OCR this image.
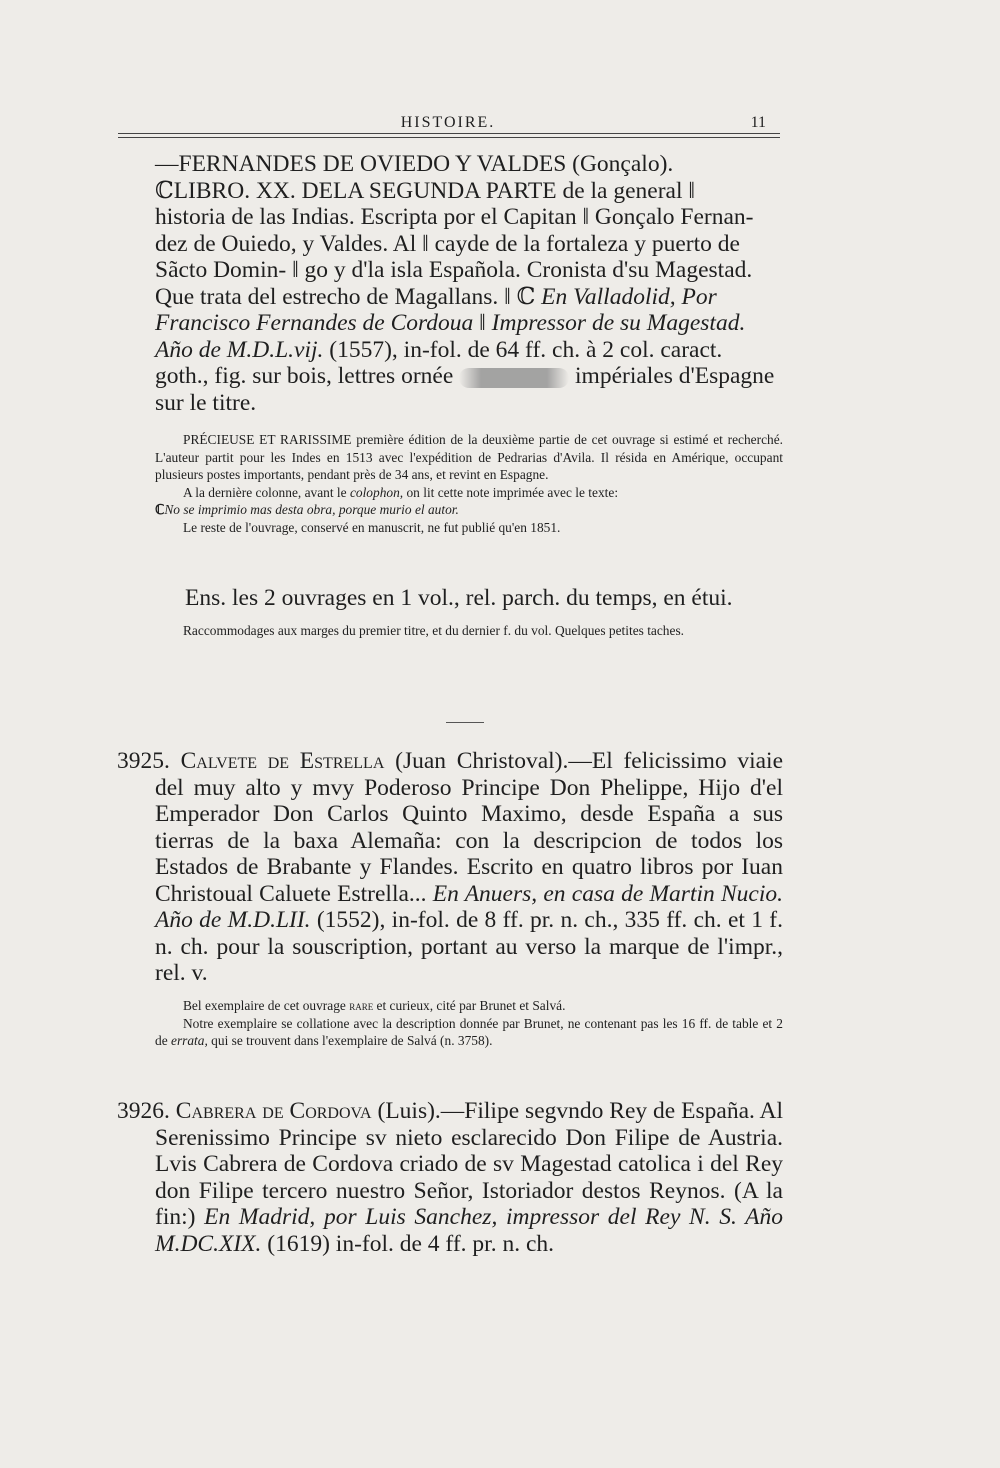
HISTOIRE.	11

—FERNANDES DE OVIEDO Y VALDES (Gonçalo).

ℂLIBRO. XX. DELA SEGUNDA PARTE de la general ‖

historia de las Indias. Escripta por el Capitan ‖ Gonçalo Fernan-

dez de Ouiedo, y Valdes. Al ‖ cayde de la fortaleza y puerto de

Sãcto Domin- ‖ go y d'la isla Española. Cronista d'su Magestad.

Que trata del estrecho de Magallans. ‖ ℂ En Valladolid, Por

Francisco Fernandes de Cordoua ‖ Impressor de su Magestad.

Año de M.D.L.vij. (1557), in-fol. de 64 ff. ch. à 2 col. caract.

goth., fig. sur bois, lettres ornée	impériales d'Espagne

sur le titre.

PRÉCIEUSE ET RARISSIME première édition de la deuxième partie de cet ouvrage si estimé et recherché. L'auteur partit pour les Indes en 1513 avec l'expédition de Pedrarias d'Avila. Il résida en Amérique, occupant plusieurs postes importants, pendant près de 34 ans, et revint en Espagne.
A la dernière colonne, avant le colophon, on lit cette note imprimée avec le texte:
ℂNo se imprimio mas desta obra, porque murio el autor.
Le reste de l'ouvrage, conservé en manuscrit, ne fut publié qu'en 1851.
Ens. les 2 ouvrages en 1 vol., rel. parch. du temps, en étui.
Raccommodages aux marges du premier titre, et du dernier f. du vol. Quelques petites taches.

3925. Calvete de Estrella (Juan Christoval).—El felicissimo viaie del muy alto y mvy Poderoso Principe Don Phelippe, Hijo d'el Emperador Don Carlos Quinto Maximo, desde España a sus tierras de la baxa Alemaña: con la descripcion de todos los Estados de Brabante y Flandes. Escrito en quatro libros por Iuan Christoual Caluete Estrella... En Anuers, en casa de Martin Nucio. Año de M.D.LII. (1552), in-fol. de 8 ff. pr. n. ch., 335 ff. ch. et 1 f. n. ch. pour la souscription, portant au verso la marque de l'impr., rel. v.

Bel exemplaire de cet ouvrage rare et curieux, cité par Brunet et Salvá.
Notre exemplaire se collatione avec la description donnée par Brunet, ne contenant pas les 16 ff. de table et 2 de errata, qui se trouvent dans l'exemplaire de Salvá (n. 3758).

3926. Cabrera de Cordova (Luis).—Filipe segvndo Rey de España. Al Serenissimo Principe sv nieto esclarecido Don Filipe de Austria. Lvis Cabrera de Cordova criado de sv Magestad catolica i del Rey don Filipe tercero nuestro Señor, Istoriador destos Reynos. (A la fin:) En Madrid, por Luis Sanchez, impressor del Rey N. S. Año M.DC.XIX. (1619) in-fol. de 4 ff. pr. n. ch.
